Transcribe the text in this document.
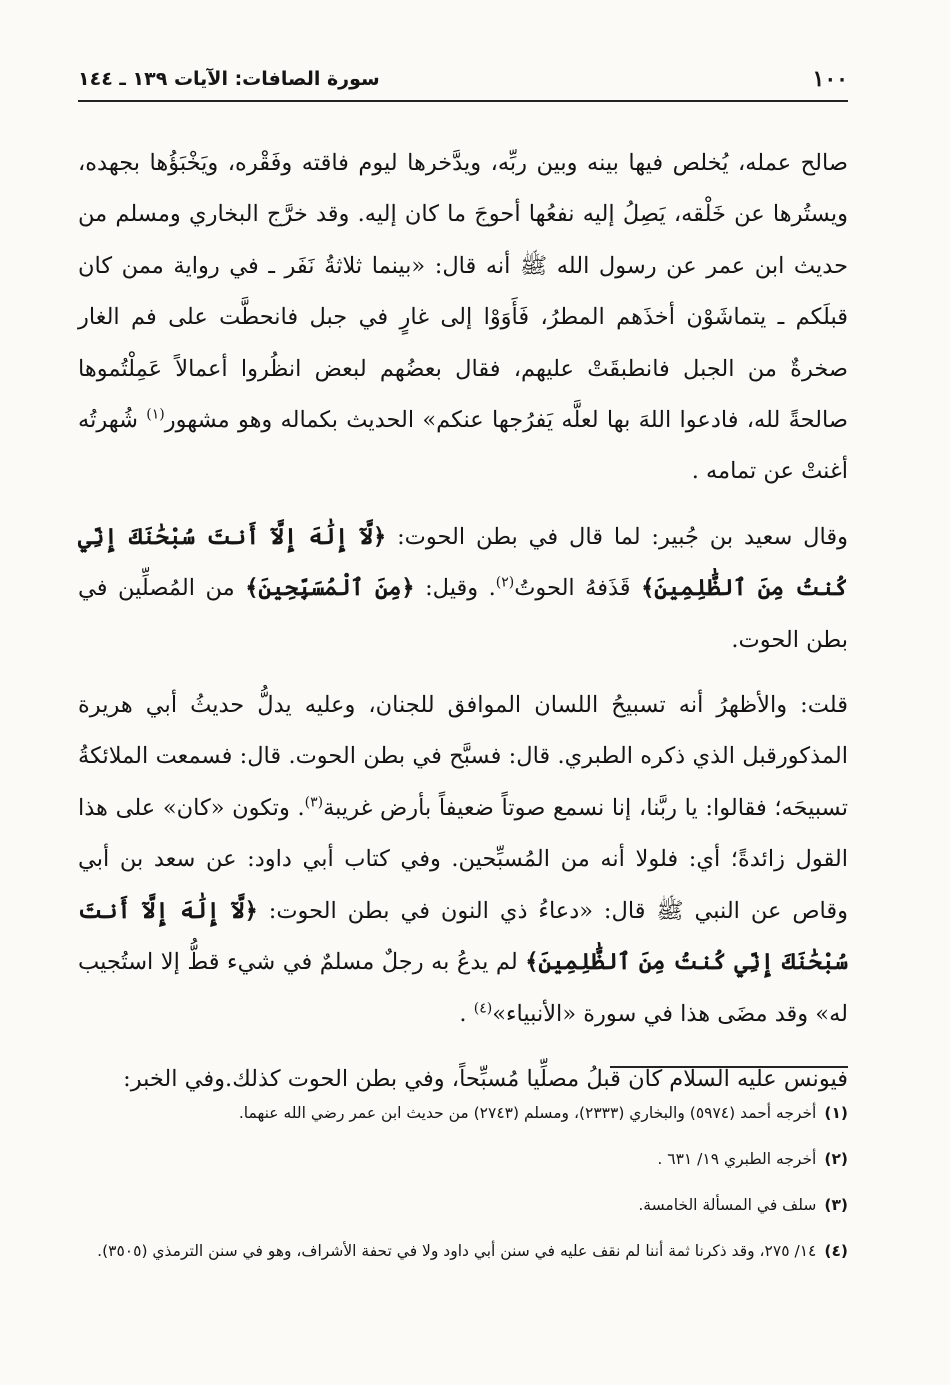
١٠٠
سورة الصافات: الآيات ١٣٩ ـ ١٤٤

صالح عمله، يُخلص فيها بينه وبين ربِّه، ويدَّخرها ليوم فاقته وفَقْره، ويَخْبَؤُها بجهده، ويستُرها عن خَلْقه، يَصِلُ إليه نفعُها أحوجَ ما كان إليه. وقد خرَّج البخاري ومسلم من حديث ابن عمر عن رسول الله ﷺ أنه قال: «بينما ثلاثةُ نَفَر ـ في رواية ممن كان قبلَكم ـ يتماشَوْن أخذَهم المطرُ، فَأَوَوْا إلى غارٍ في جبل فانحطَّت على فم الغار صخرةٌ من الجبل فانطبقَتْ عليهم، فقال بعضُهم لبعض انظُروا أعمالاً عَمِلْتُموها صالحةً لله، فادعوا اللهَ بها لعلَّه يَفرُجها عنكم» الحديث بكماله وهو مشهور$^{(١)}$ شُهرتُه أغنتْ عن تمامه .

وقال سعيد بن جُبير: لما قال في بطن الحوت: ﴿لَّآ إِلَٰهَ إِلَّآ أَنتَ سُبْحَٰنَكَ إِنِّي كُنتُ مِنَ ٱلظَّٰلِمِينَ﴾ قَذَفهُ الحوتُ$^{(٢)}$. وقيل: ﴿مِنَ ٱلْمُسَبِّحِينَ﴾ من المُصلِّين في بطن الحوت.

قلت: والأظهرُ أنه تسبيحُ اللسان الموافق للجنان، وعليه يدلُّ حديثُ أبي هريرة المذكورقبل الذي ذكره الطبري. قال: فسبَّح في بطن الحوت. قال: فسمعت الملائكةُ تسبيحَه؛ فقالوا: يا ربَّنا، إنا نسمع صوتاً ضعيفاً بأرض غريبة$^{(٣)}$. وتكون «كان» على هذا القول زائدةً؛ أي: فلولا أنه من المُسبِّحين. وفي كتاب أبي داود: عن سعد بن أبي وقاص عن النبي ﷺ قال: «دعاءُ ذي النون في بطن الحوت: ﴿لَّآ إِلَٰهَ إِلَّآ أَنتَ سُبْحَٰنَكَ إِنِّي كُنتُ مِنَ ٱلظَّٰلِمِينَ﴾ لم يدعُ به رجلٌ مسلمٌ في شيء قطُّ إلا استُجيب له» وقد مضَى هذا في سورة «الأنبياء»$^{(٤)}$ .

فيونس عليه السلام كان قبلُ مصلِّيا مُسبِّحاً، وفي بطن الحوت كذلك.وفي الخبر:

(١)
أخرجه أحمد (٥٩٧٤) والبخاري (٢٣٣٣)، ومسلم (٢٧٤٣) من حديث ابن عمر رضي الله عنهما.
(٢)
أخرجه الطبري ١٩/ ٦٣١ .
(٣)
سلف في المسألة الخامسة.
(٤)
١٤/ ٢٧٥، وقد ذكرنا ثمة أننا لم نقف عليه في سنن أبي داود ولا في تحفة الأشراف، وهو في سنن الترمذي (٣٥٠٥).
